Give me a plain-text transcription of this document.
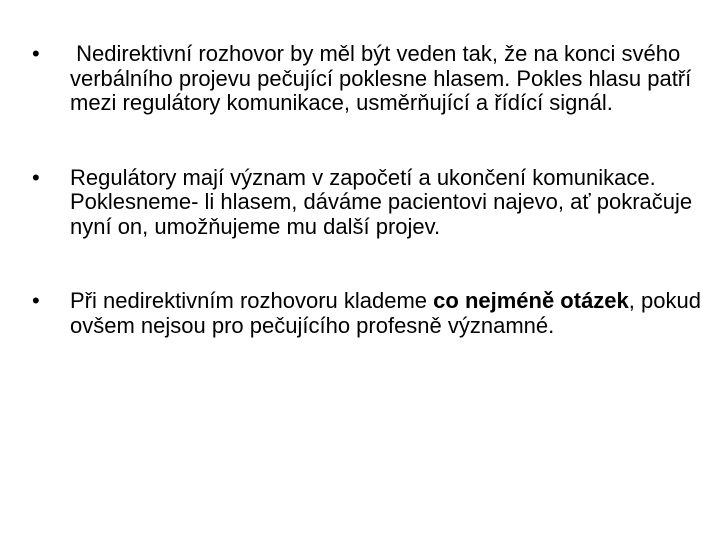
•	Nedirektivní rozhovor by měl být veden tak, že na konci svého verbálního projevu pečující poklesne hlasem. Pokles hlasu patří mezi regulátory komunikace, usměrňující a řídící signál.
•	Regulátory mají význam v započetí a ukončení komunikace. Poklesneme- li hlasem, dáváme pacientovi najevo, ať pokračuje nyní on, umožňujeme mu další projev.
•	Při nedirektivním rozhovoru klademe co nejméně otázek, pokud ovšem nejsou pro pečujícího profesně významné.
